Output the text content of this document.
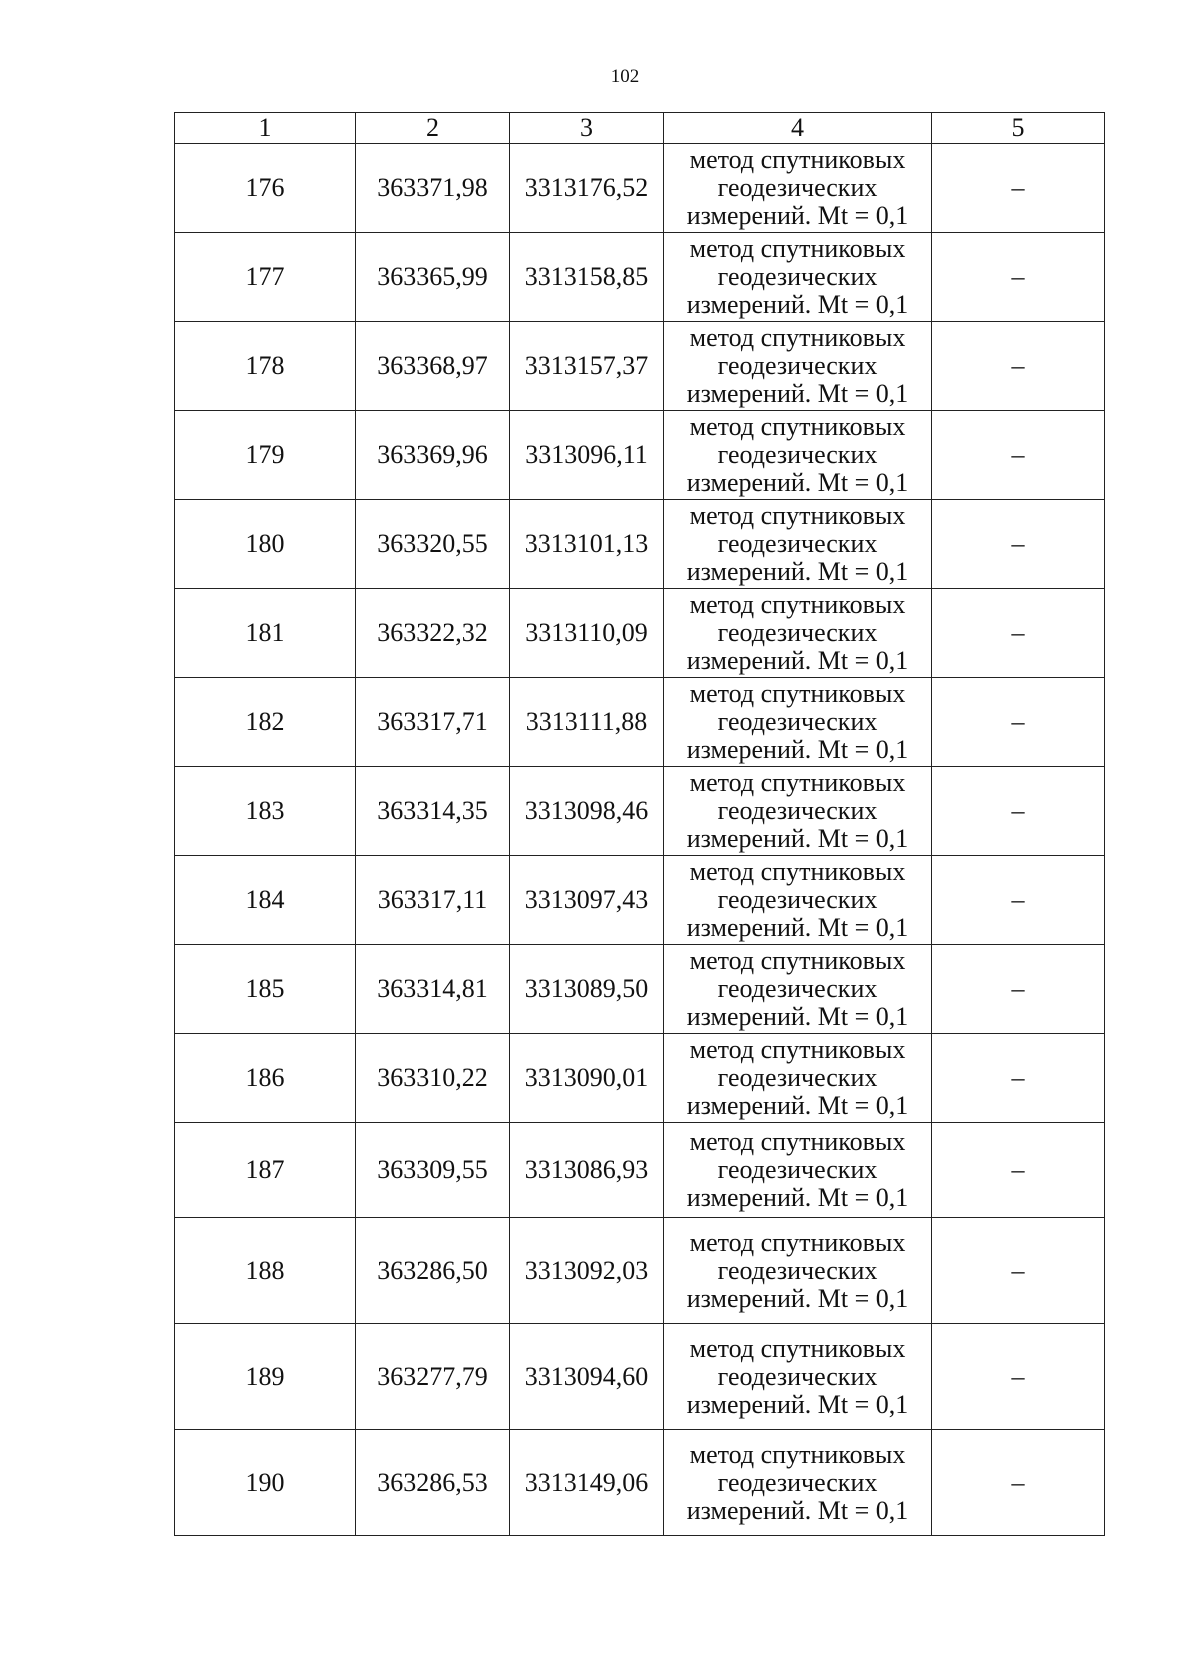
102
1	2	3	4	5
176	363371,98	3313176,52	метод спутниковых
геодезических
измерений. Mt = 0,1	–
177	363365,99	3313158,85	метод спутниковых
геодезических
измерений. Mt = 0,1	–
178	363368,97	3313157,37	метод спутниковых
геодезических
измерений. Mt = 0,1	–
179	363369,96	3313096,11	метод спутниковых
геодезических
измерений. Mt = 0,1	–
180	363320,55	3313101,13	метод спутниковых
геодезических
измерений. Mt = 0,1	–
181	363322,32	3313110,09	метод спутниковых
геодезических
измерений. Mt = 0,1	–
182	363317,71	3313111,88	метод спутниковых
геодезических
измерений. Mt = 0,1	–
183	363314,35	3313098,46	метод спутниковых
геодезических
измерений. Mt = 0,1	–
184	363317,11	3313097,43	метод спутниковых
геодезических
измерений. Mt = 0,1	–
185	363314,81	3313089,50	метод спутниковых
геодезических
измерений. Mt = 0,1	–
186	363310,22	3313090,01	метод спутниковых
геодезических
измерений. Mt = 0,1	–
187	363309,55	3313086,93	метод спутниковых
геодезических
измерений. Mt = 0,1	–
188	363286,50	3313092,03	метод спутниковых
геодезических
измерений. Mt = 0,1	–
189	363277,79	3313094,60	метод спутниковых
геодезических
измерений. Mt = 0,1	–
190	363286,53	3313149,06	метод спутниковых
геодезических
измерений. Mt = 0,1	–
